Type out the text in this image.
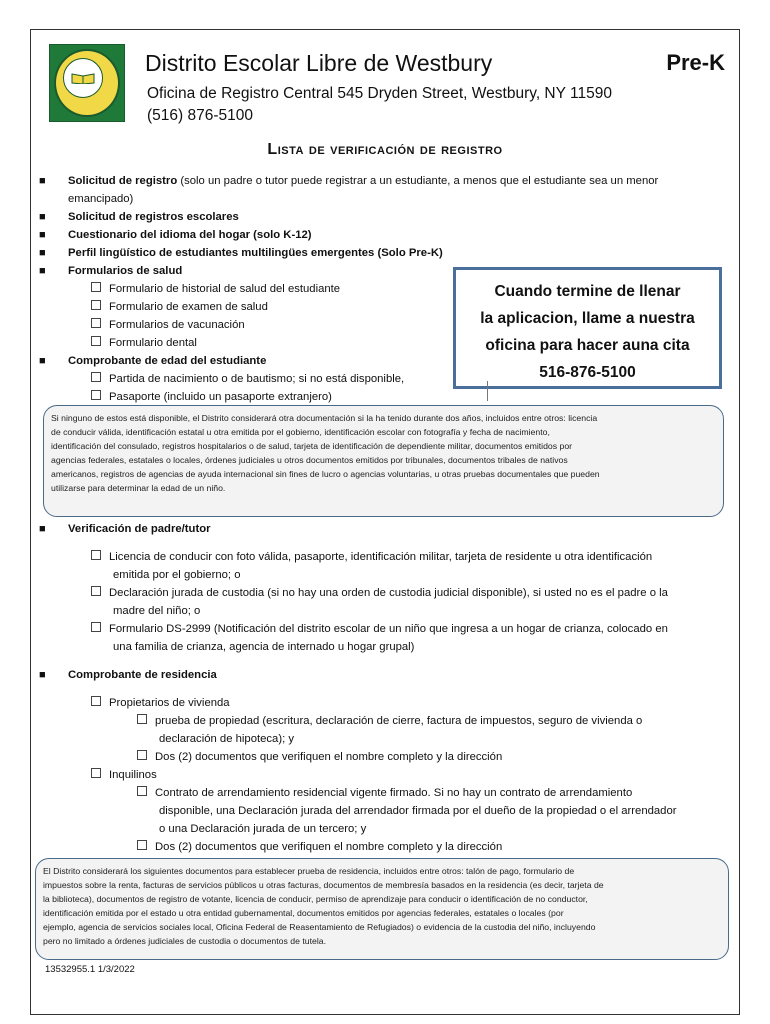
Distrito Escolar Libre de Westbury	Pre-K
Oficina de Registro Central 545 Dryden Street, Westbury, NY 11590
(516) 876-5100
Lista de verificación de registro
■ Solicitud de registro (solo un padre o tutor puede registrar a un estudiante, a menos que el estudiante sea un menor
emancipado)
■ Solicitud de registros escolares
■ Cuestionario del idioma del hogar (solo K-12)
■ Perfil lingüístico de estudiantes multilingües emergentes (Solo Pre-K)
■ Formularios de salud
Formulario de historial de salud del estudiante
Formulario de examen de salud
Formularios de vacunación
Formulario dental
■ Comprobante de edad del estudiante
Partida de nacimiento o de bautismo; si no está disponible,
Pasaporte (incluido un pasaporte extranjero)
Cuando termine de llenar
la aplicacion, llame a nuestra
oficina para hacer auna cita
516-876-5100
Si ninguno de estos está disponible, el Distrito considerará otra documentación si la ha tenido durante dos años, incluidos entre otros: licencia
de conducir válida, identificación estatal u otra emitida por el gobierno, identificación escolar con fotografía y fecha de nacimiento,
identificación del consulado, registros hospitalarios o de salud, tarjeta de identificación de dependiente militar, documentos emitidos por
agencias federales, estatales o locales, órdenes judiciales u otros documentos emitidos por tribunales, documentos tribales de nativos
americanos, registros de agencias de ayuda internacional sin fines de lucro o agencias voluntarias, u otras pruebas documentales que pueden
utilizarse para determinar la edad de un niño.
■ Verificación de padre/tutor
Licencia de conducir con foto válida, pasaporte, identificación militar, tarjeta de residente u otra identificación
emitida por el gobierno; o
Declaración jurada de custodia (si no hay una orden de custodia judicial disponible), si usted no es el padre o la
madre del niño; o
Formulario DS-2999 (Notificación del distrito escolar de un niño que ingresa a un hogar de crianza, colocado en
una familia de crianza, agencia de internado u hogar grupal)
■ Comprobante de residencia
Propietarios de vivienda
prueba de propiedad (escritura, declaración de cierre, factura de impuestos, seguro de vivienda o
declaración de hipoteca); y
Dos (2) documentos que verifiquen el nombre completo y la dirección
Inquilinos
Contrato de arrendamiento residencial vigente firmado. Si no hay un contrato de arrendamiento
disponible, una Declaración jurada del arrendador firmada por el dueño de la propiedad o el arrendador
o una Declaración jurada de un tercero; y
Dos (2) documentos que verifiquen el nombre completo y la dirección
El Distrito considerará los siguientes documentos para establecer prueba de residencia, incluidos entre otros: talón de pago, formulario de
impuestos sobre la renta, facturas de servicios públicos u otras facturas, documentos de membresía basados en la residencia (es decir, tarjeta de
la biblioteca), documentos de registro de votante, licencia de conducir, permiso de aprendizaje para conducir o identificación de no conductor,
identificación emitida por el estado u otra entidad gubernamental, documentos emitidos por agencias federales, estatales o locales (por
ejemplo, agencia de servicios sociales local, Oficina Federal de Reasentamiento de Refugiados) o evidencia de la custodia del niño, incluyendo
pero no limitado a órdenes judiciales de custodia o documentos de tutela.
13532955.1 1/3/2022
